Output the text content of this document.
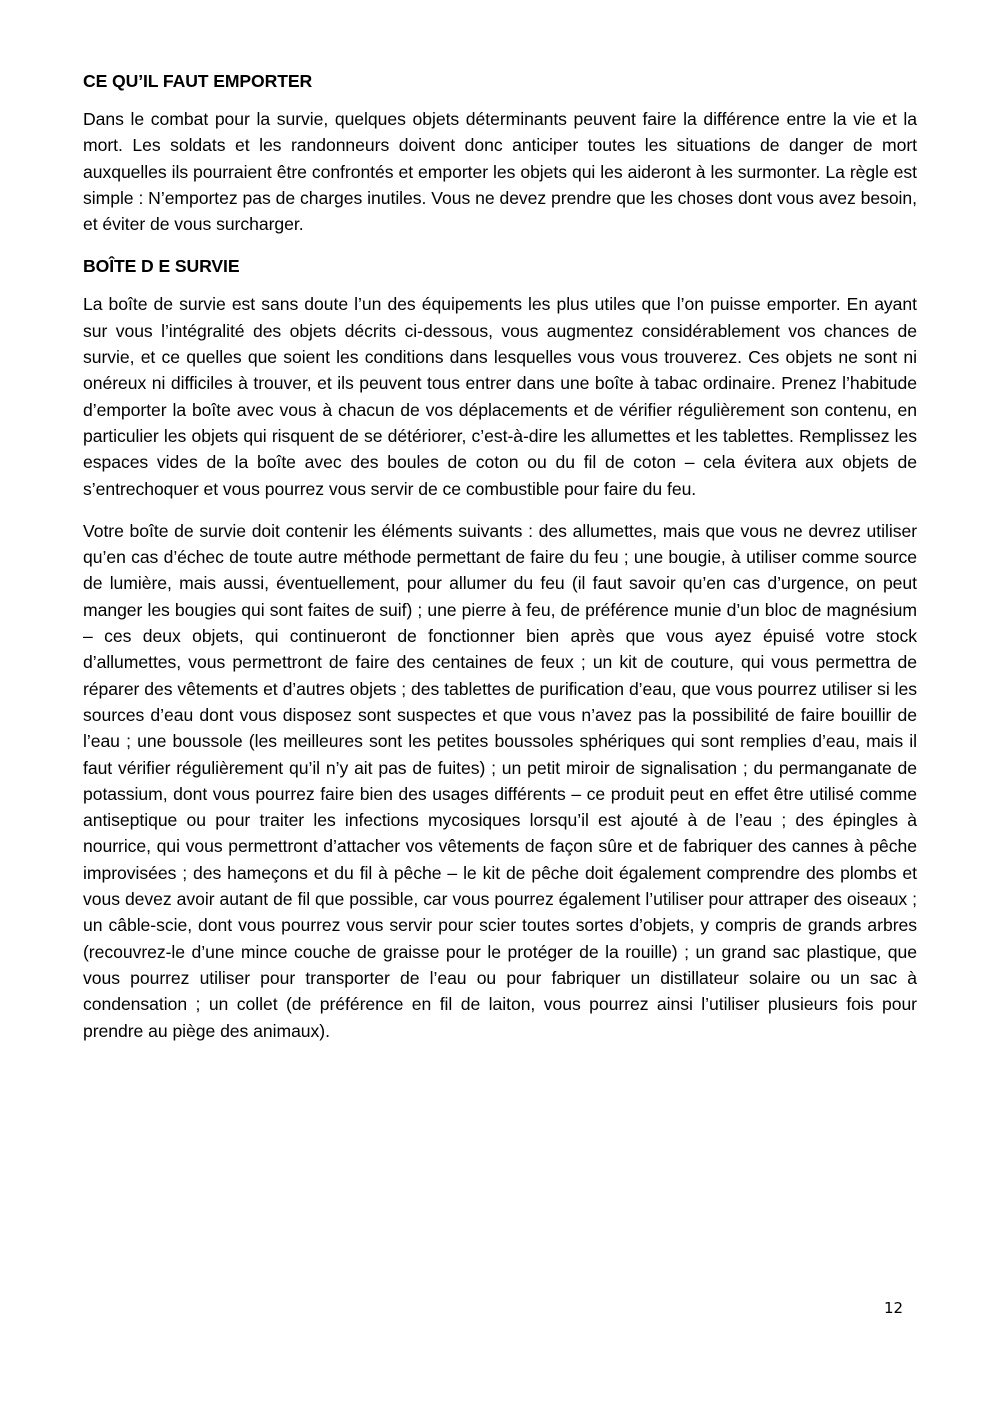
CE QU’IL FAUT EMPORTER

Dans le combat pour la survie, quelques objets déterminants peuvent faire la différence entre la vie et la mort. Les soldats et les randonneurs doivent donc anticiper toutes les situations de danger de mort auxquelles ils pourraient être confrontés et emporter les objets qui les aideront à les surmonter. La règle est simple : N’emportez pas de charges inutiles. Vous ne devez prendre que les choses dont vous avez besoin, et éviter de vous surcharger.

BOÎTE D E SURVIE

La boîte de survie est sans doute l’un des équipements les plus utiles que l’on puisse emporter. En ayant sur vous l’intégralité des objets décrits ci-dessous, vous augmentez considérablement vos chances de survie, et ce quelles que soient les conditions dans lesquelles vous vous trouverez. Ces objets ne sont ni onéreux ni difficiles à trouver, et ils peuvent tous entrer dans une boîte à tabac ordinaire. Prenez l’habitude d’emporter la boîte avec vous à chacun de vos déplacements et de vérifier régulièrement son contenu, en particulier les objets qui risquent de se détériorer, c’est-à-dire les allumettes et les tablettes. Remplissez les espaces vides de la boîte avec des boules de coton ou du fil de coton – cela évitera aux objets de s’entrechoquer et vous pourrez vous servir de ce combustible pour faire du feu.

Votre boîte de survie doit contenir les éléments suivants : des allumettes, mais que vous ne devrez utiliser qu’en cas d’échec de toute autre méthode permettant de faire du feu ; une bougie, à utiliser comme source de lumière, mais aussi, éventuellement, pour allumer du feu (il faut savoir qu’en cas d’urgence, on peut manger les bougies qui sont faites de suif) ; une pierre à feu, de préférence munie d’un bloc de magnésium – ces deux objets, qui continueront de fonctionner bien après que vous ayez épuisé votre stock d’allumettes, vous permettront de faire des centaines de feux ; un kit de couture, qui vous permettra de réparer des vêtements et d’autres objets ; des tablettes de purification d’eau, que vous pourrez utiliser si les sources d’eau dont vous disposez sont suspectes et que vous n’avez pas la possibilité de faire bouillir de l’eau ; une boussole (les meilleures sont les petites boussoles sphériques qui sont remplies d’eau, mais il faut vérifier régulièrement qu’il n’y ait pas de fuites) ; un petit miroir de signalisation ; du permanganate de potassium, dont vous pourrez faire bien des usages différents – ce produit peut en effet être utilisé comme antiseptique ou pour traiter les infections mycosiques lorsqu’il est ajouté à de l’eau ; des épingles à nourrice, qui vous permettront d’attacher vos vêtements de façon sûre et de fabriquer des cannes à pêche improvisées ; des hameçons et du fil à pêche – le kit de pêche doit également comprendre des plombs et vous devez avoir autant de fil que possible, car vous pourrez également l’utiliser pour attraper des oiseaux ; un câble-scie, dont vous pourrez vous servir pour scier toutes sortes d’objets, y compris de grands arbres (recouvrez-le d’une mince couche de graisse pour le protéger de la rouille) ; un grand sac plastique, que vous pourrez utiliser pour transporter de l’eau ou pour fabriquer un distillateur solaire ou un sac à condensation ; un collet (de préférence en fil de laiton, vous pourrez ainsi l’utiliser plusieurs fois pour prendre au piège des animaux).

12
